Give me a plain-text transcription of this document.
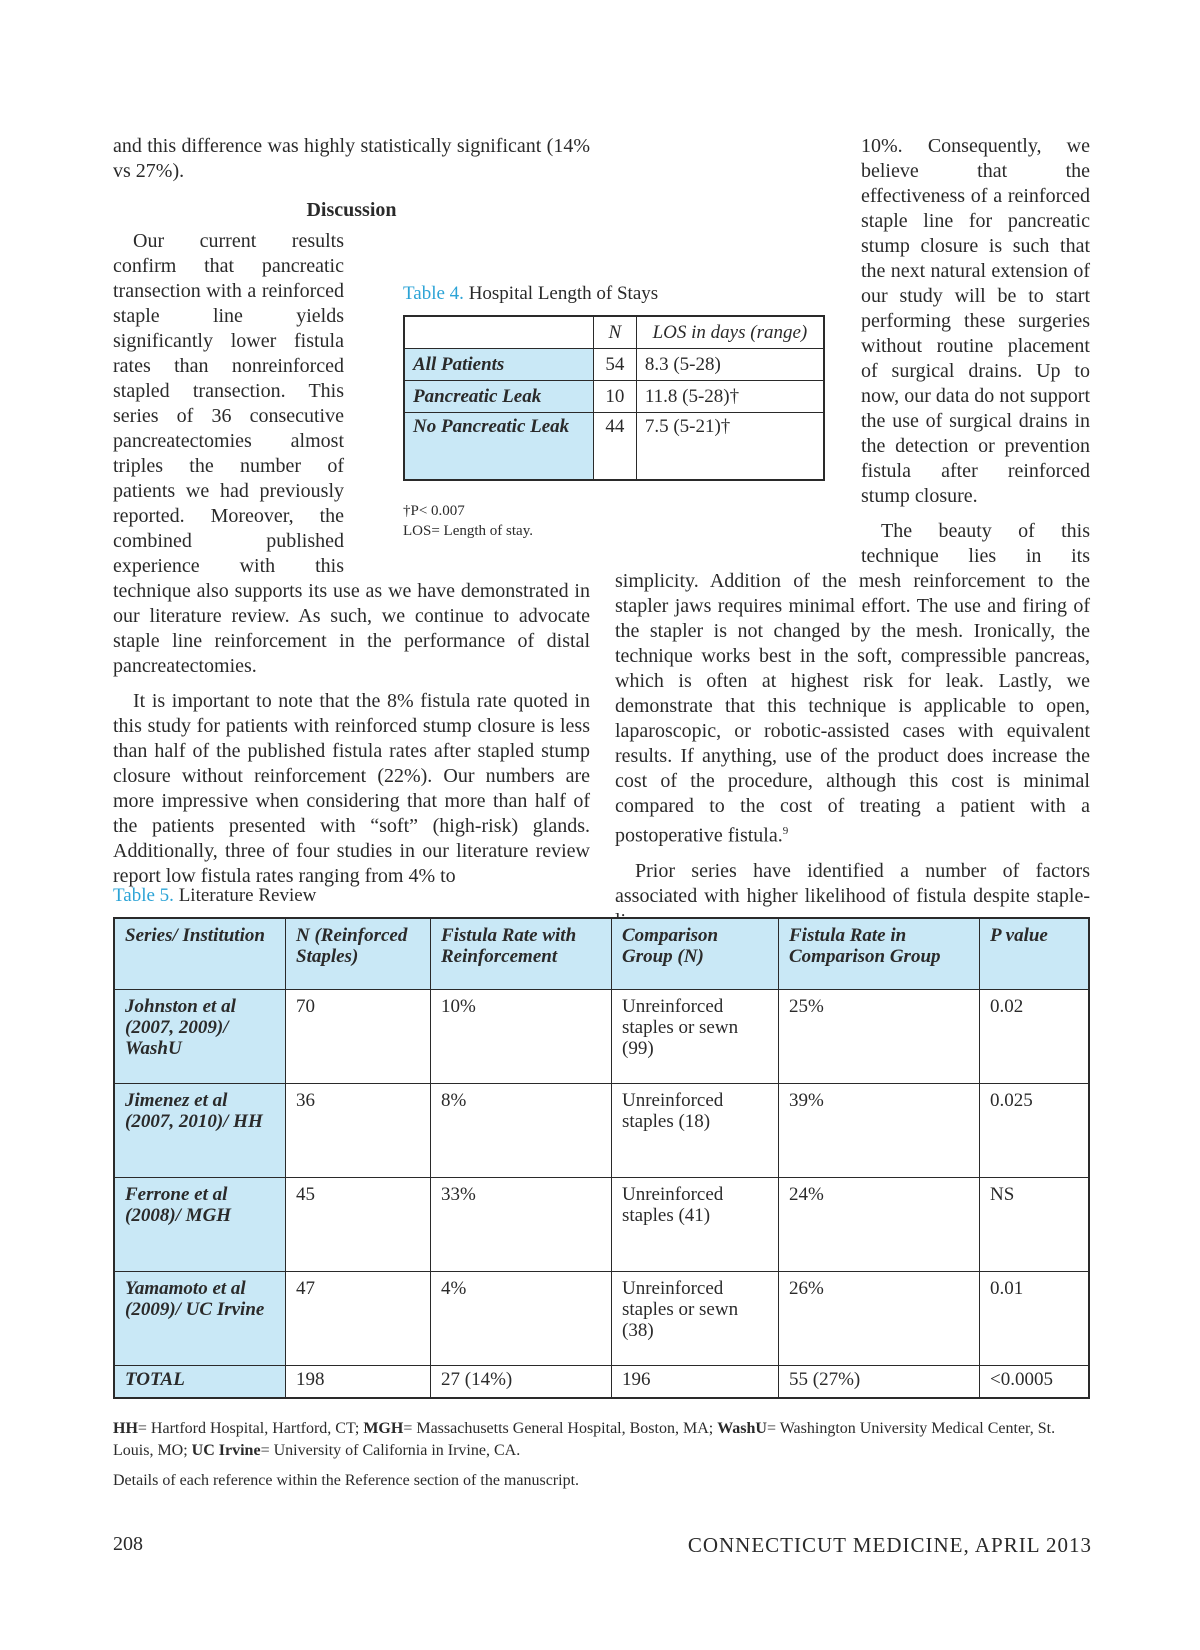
and this difference was highly statistically significant (14% vs 27%).

Discussion

Our current results confirm that pancreatic transection with a reinforced staple line yields significantly lower fistula rates than nonreinforced stapled transection. This series of 36 consecutive pancreatectomies almost triples the number of patients we had previously reported. Moreover, the combined published experience with this technique also supports its use as we have demonstrated in our literature review. As such, we continue to advocate staple line reinforcement in the performance of distal pancreatectomies.

It is important to note that the 8% fistula rate quoted in this study for patients with reinforced stump closure is less than half of the published fistula rates after stapled stump closure without reinforcement (22%). Our numbers are more impressive when considering that more than half of the patients presented with “soft” (high-risk) glands. Additionally, three of four studies in our literature review report low fistula rates ranging from 4% to

10%. Consequently, we believe that the effectiveness of a reinforced staple line for pancreatic stump closure is such that the next natural extension of our study will be to start performing these surgeries without routine placement of surgical drains. Up to now, our data do not support the use of surgical drains in the detection or prevention fistula after reinforced stump closure.

The beauty of this technique lies in its simplicity. Addition of the mesh reinforcement to the stapler jaws requires minimal effort. The use and firing of the stapler is not changed by the mesh. Ironically, the technique works best in the soft, compressible pancreas, which is often at highest risk for leak. Lastly, we demonstrate that this technique is applicable to open, laparoscopic, or robotic-assisted cases with equivalent results. If anything, use of the product does increase the cost of the procedure, although this cost is minimal compared to the cost of treating a patient with a postoperative fistula.$^9$

Prior series have identified a number of factors associated with higher likelihood of fistula despite staple-

Table 4. Hospital Length of Stays
	N	LOS in days (range)
All Patients	54	8.3 (5-28)
Pancreatic Leak	10	11.8 (5-28)†
No Pancreatic Leak	44	7.5 (5-21)†
†P< 0.007
LOS= Length of stay.
Table 5. Literature Review
Series/ Institution	N (Reinforced Staples)	Fistula Rate with Reinforcement	Comparison Group (N)	Fistula Rate in Comparison Group	P value
Johnston et al (2007, 2009)/ WashU	70	10%	Unreinforced staples or sewn (99)	25%	0.02
Jimenez et al (2007, 2010)/ HH	36	8%	Unreinforced staples (18)	39%	0.025
Ferrone et al (2008)/ MGH	45	33%	Unreinforced staples (41)	24%	NS
Yamamoto et al (2009)/ UC Irvine	47	4%	Unreinforced staples or sewn (38)	26%	0.01
TOTAL	198	27 (14%)	196	55 (27%)	<0.0005

HH= Hartford Hospital, Hartford, CT; MGH= Massachusetts General Hospital, Boston, MA; WashU= Washington University Medical Center, St. Louis, MO; UC Irvine= University of California in Irvine, CA.

Details of each reference within the Reference section of the manuscript.

208	CONNECTICUT MEDICINE, APRIL 2013
